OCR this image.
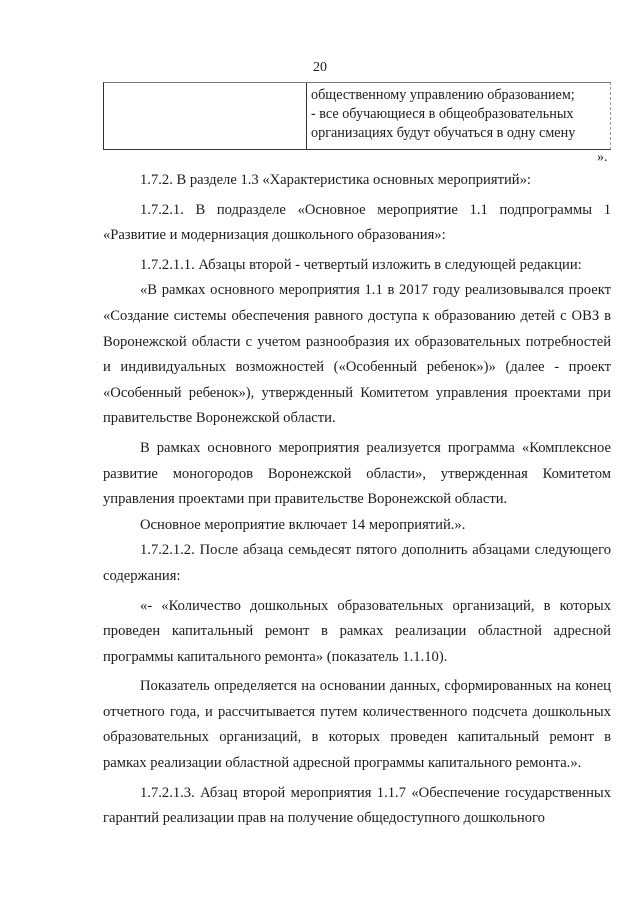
20
общественному управлению образованием;
- все обучающиеся в общеобразовательных
организациях будут обучаться в одну смену
».

1.7.2. В разделе 1.3 «Характеристика основных мероприятий»:

1.7.2.1. В подразделе «Основное мероприятие 1.1 подпрограммы 1 «Развитие и модернизация дошкольного образования»:

1.7.2.1.1. Абзацы второй - четвертый изложить в следующей редакции:

«В рамках основного мероприятия 1.1 в 2017 году реализовывался проект «Создание системы обеспечения равного доступа к образованию детей с ОВЗ в Воронежской области с учетом разнообразия их образовательных потребностей и индивидуальных возможностей («Особенный ребенок»)» (далее - проект «Особенный ребенок»), утвержденный Комитетом управления проектами при правительстве Воронежской области.

В рамках основного мероприятия реализуется программа «Комплексное развитие моногородов Воронежской области», утвержденная Комитетом управления проектами при правительстве Воронежской области.

Основное мероприятие включает 14 мероприятий.».

1.7.2.1.2. После абзаца семьдесят пятого дополнить абзацами следующего содержания:

«- «Количество дошкольных образовательных организаций, в которых проведен капитальный ремонт в рамках реализации областной адресной программы капитального ремонта» (показатель 1.1.10).

Показатель определяется на основании данных, сформированных на конец отчетного года, и рассчитывается путем количественного подсчета дошкольных образовательных организаций, в которых проведен капитальный ремонт в рамках реализации областной адресной программы капитального ремонта.».

1.7.2.1.3. Абзац второй мероприятия 1.1.7 «Обеспечение государственных гарантий реализации прав на получение общедоступного дошкольного
